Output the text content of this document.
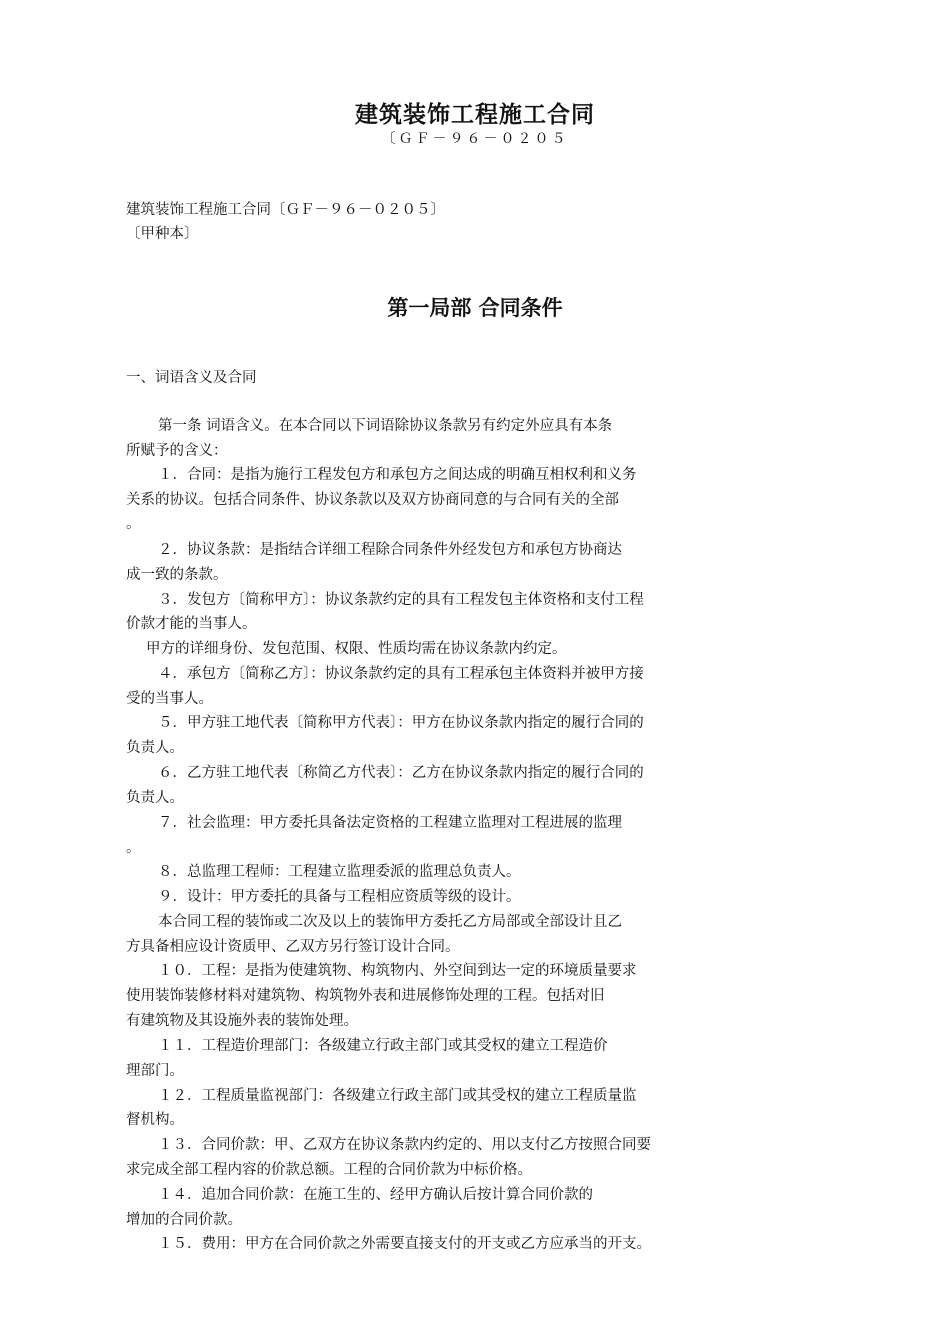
建筑装饰工程施工合同
〔ＧＦ－９６－０２０５
建筑装饰工程施工合同〔ＧＦ－９６－０２０５〕
〔甲种本〕
第一局部 合同条件
一、词语含义及合同
第一条 词语含义。在本合同以下词语除协议条款另有约定外应具有本条
所赋予的含义：
１．合同：是指为施行工程发包方和承包方之间达成的明确互相权利和义务
关系的协议。包括合同条件、协议条款以及双方协商同意的与合同有关的全部
。
２．协议条款：是指结合详细工程除合同条件外经发包方和承包方协商达
成一致的条款。
３．发包方〔简称甲方〕：协议条款约定的具有工程发包主体资格和支付工程
价款才能的当事人。
甲方的详细身份、发包范围、权限、性质均需在协议条款内约定。
４．承包方〔简称乙方〕：协议条款约定的具有工程承包主体资料并被甲方接
受的当事人。
５．甲方驻工地代表〔简称甲方代表〕：甲方在协议条款内指定的履行合同的
负责人。
６．乙方驻工地代表〔称简乙方代表〕：乙方在协议条款内指定的履行合同的
负责人。
７．社会监理：甲方委托具备法定资格的工程建立监理对工程进展的监理
。
８．总监理工程师：工程建立监理委派的监理总负责人。
９．设计：甲方委托的具备与工程相应资质等级的设计。
本合同工程的装饰或二次及以上的装饰甲方委托乙方局部或全部设计且乙
方具备相应设计资质甲、乙双方另行签订设计合同。
１０．工程：是指为使建筑物、构筑物内、外空间到达一定的环境质量要求
使用装饰装修材料对建筑物、构筑物外表和进展修饰处理的工程。包括对旧
有建筑物及其设施外表的装饰处理。
１１．工程造价理部门：各级建立行政主部门或其受权的建立工程造价
理部门。
１２．工程质量监视部门：各级建立行政主部门或其受权的建立工程质量监
督机构。
１３．合同价款：甲、乙双方在协议条款内约定的、用以支付乙方按照合同要
求完成全部工程内容的价款总额。工程的合同价款为中标价格。
１４．追加合同价款：在施工生的、经甲方确认后按计算合同价款的
增加的合同价款。
１５．费用：甲方在合同价款之外需要直接支付的开支或乙方应承当的开支。
